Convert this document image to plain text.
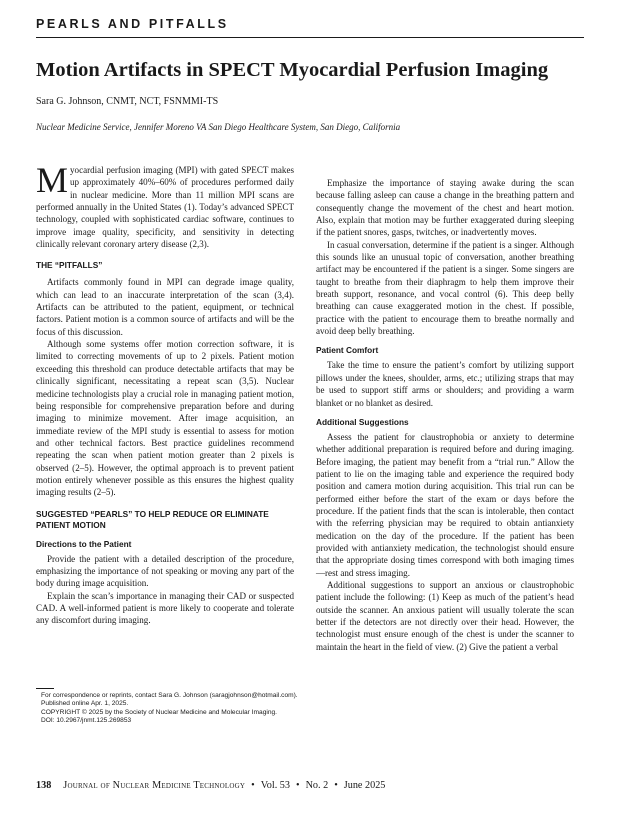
PEARLS AND PITFALLS
Motion Artifacts in SPECT Myocardial Perfusion Imaging
Sara G. Johnson, CNMT, NCT, FSNMMI-TS
Nuclear Medicine Service, Jennifer Moreno VA San Diego Healthcare System, San Diego, California

Myocardial perfusion imaging (MPI) with gated SPECT makes up approximately 40%–60% of procedures performed daily in nuclear medicine. More than 11 million MPI scans are performed annually in the United States (1). Today’s advanced SPECT technology, coupled with sophisticated cardiac software, continues to improve image quality, specificity, and sensitivity in detecting clinically relevant coronary artery disease (2,3).

THE “PITFALLS”

Artifacts commonly found in MPI can degrade image quality, which can lead to an inaccurate interpretation of the scan (3,4). Artifacts can be attributed to the patient, equipment, or technical factors. Patient motion is a common source of artifacts and will be the focus of this discussion.

Although some systems offer motion correction software, it is limited to correcting movements of up to 2 pixels. Patient motion exceeding this threshold can produce detectable artifacts that may be clinically significant, necessitating a repeat scan (3,5). Nuclear medicine technologists play a crucial role in managing patient motion, being responsible for comprehensive preparation before and during imaging to minimize movement. After image acquisition, an immediate review of the MPI study is essential to assess for motion and other technical factors. Best practice guidelines recommend repeating the scan when patient motion greater than 2 pixels is observed (2–5). However, the optimal approach is to prevent patient motion entirely whenever possible as this ensures the highest quality imaging results (2–5).

SUGGESTED “PEARLS” TO HELP REDUCE OR ELIMINATE PATIENT MOTION
Directions to the Patient

Provide the patient with a detailed description of the procedure, emphasizing the importance of not speaking or moving any part of the body during image acquisition.

Explain the scan’s importance in managing their CAD or suspected CAD. A well-informed patient is more likely to cooperate and tolerate any discomfort during imaging.

For correspondence or reprints, contact Sara G. Johnson (saragjohnson@hotmail.com).
Published online Apr. 1, 2025.
COPYRIGHT © 2025 by the Society of Nuclear Medicine and Molecular Imaging.
DOI: 10.2967/jnmt.125.269853

Emphasize the importance of staying awake during the scan because falling asleep can cause a change in the breathing pattern and consequently change the movement of the chest and heart motion. Also, explain that motion may be further exaggerated during sleeping if the patient snores, gasps, twitches, or inadvertently moves.

In casual conversation, determine if the patient is a singer. Although this sounds like an unusual topic of conversation, another breathing artifact may be encountered if the patient is a singer. Some singers are taught to breathe from their diaphragm to help them improve their breath support, resonance, and vocal control (6). This deep belly breathing can cause exaggerated motion in the chest. If possible, practice with the patient to encourage them to breathe normally and avoid deep belly breathing.

Patient Comfort

Take the time to ensure the patient’s comfort by utilizing support pillows under the knees, shoulder, arms, etc.; utilizing straps that may be used to support stiff arms or shoulders; and providing a warm blanket or no blanket as desired.

Additional Suggestions

Assess the patient for claustrophobia or anxiety to determine whether additional preparation is required before and during imaging. Before imaging, the patient may benefit from a “trial run.” Allow the patient to lie on the imaging table and experience the required body position and camera motion during acquisition. This trial run can be performed either before the start of the exam or days before the procedure. If the patient finds that the scan is intolerable, then contact with the referring physician may be required to obtain antianxiety medication on the day of the procedure. If the patient has been provided with antianxiety medication, the technologist should ensure that the appropriate dosing times correspond with both imaging times—rest and stress imaging.

Additional suggestions to support an anxious or claustrophobic patient include the following: (1) Keep as much of the patient’s head outside the scanner. An anxious patient will usually tolerate the scan better if the detectors are not directly over their head. However, the technologist must ensure enough of the chest is under the scanner to maintain the heart in the field of view. (2) Give the patient a verbal

138 Journal of Nuclear Medicine Technology • Vol. 53 • No. 2 • June 2025
